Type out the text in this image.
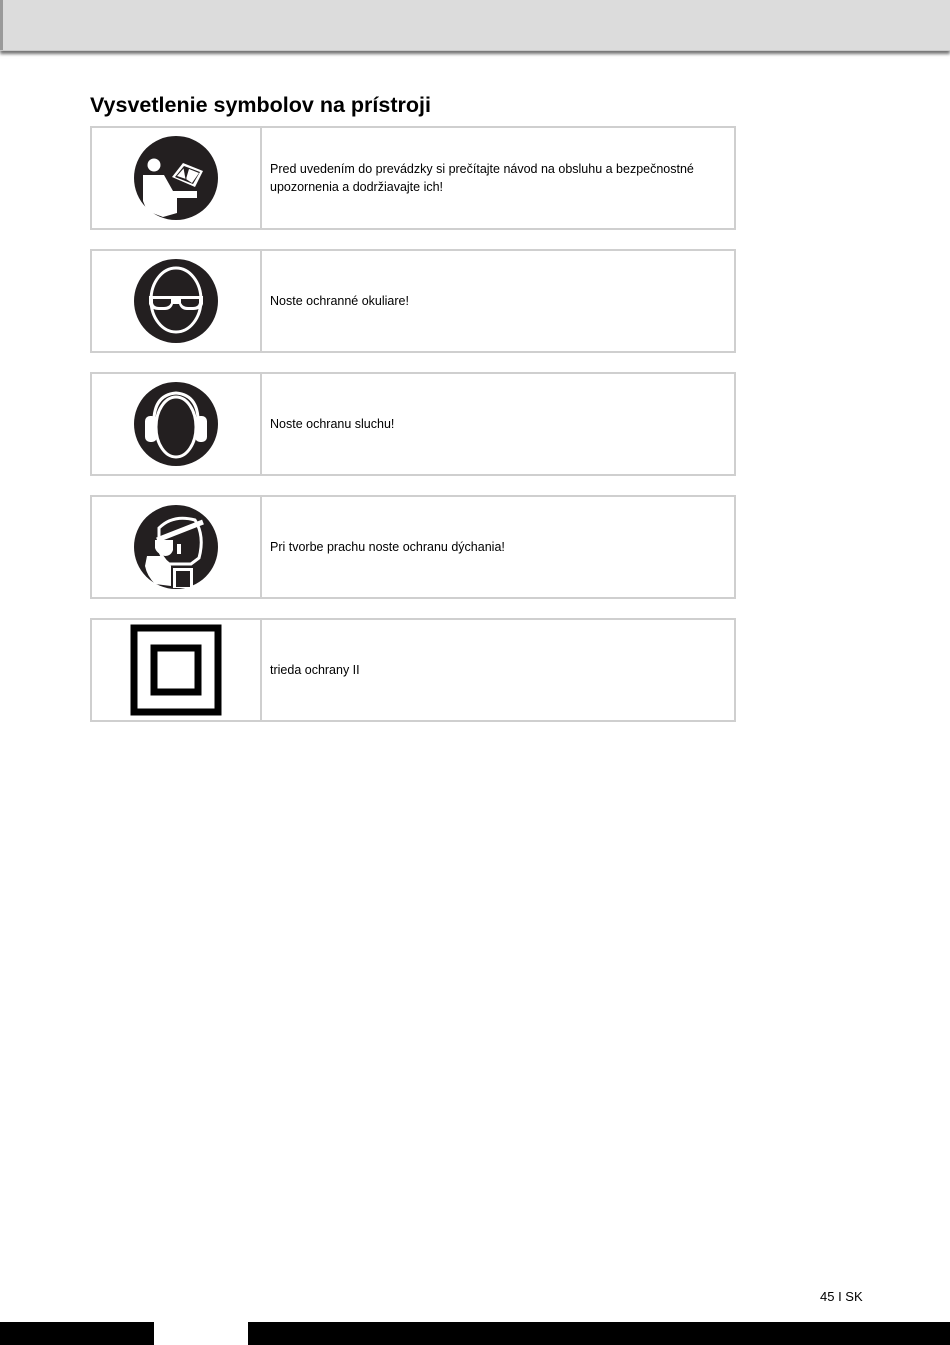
Vysvetlenie symbolov na prístroji
Pred uvedením do prevádzky si prečítajte návod na obsluhu a bezpečnostné upozornenia a dodržiavajte ich!
Noste ochranné okuliare!
Noste ochranu sluchu!
Pri tvorbe prachu noste ochranu dýchania!
trieda ochrany II
45 I SK
